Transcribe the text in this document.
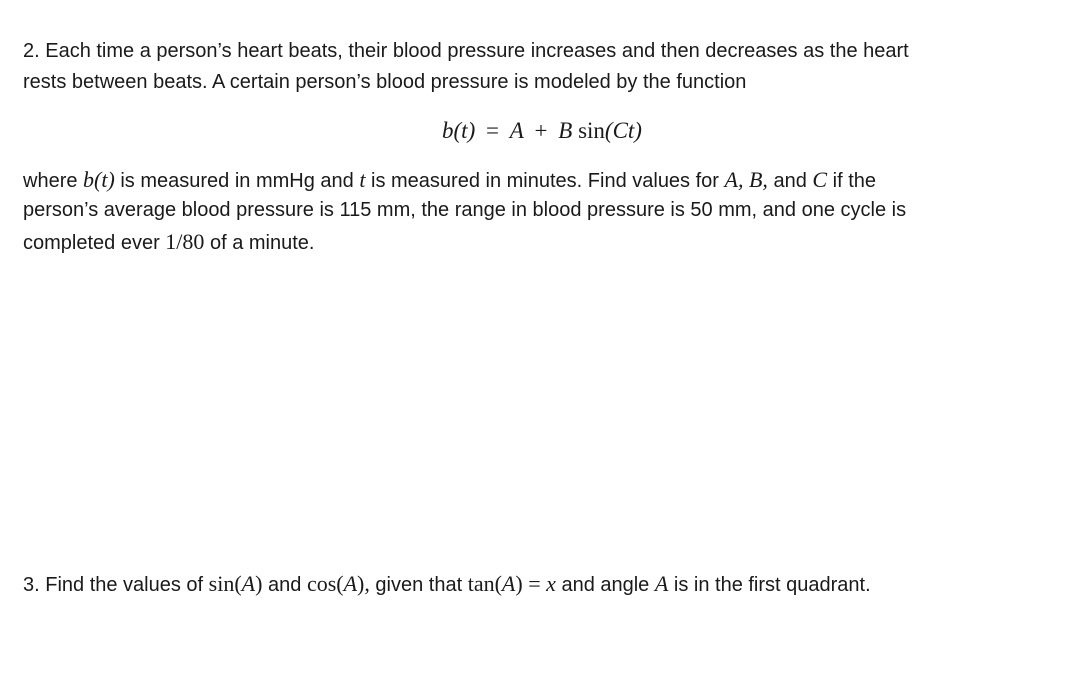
2. Each time a person’s heart beats, their blood pressure increases and then decreases as the heart
rests between beats. A certain person’s blood pressure is modeled by the function
b(t) = A + B sin(Ct)
where b(t) is measured in mmHg and t is measured in minutes. Find values for A, B, and C if the
person’s average blood pressure is 115 mm, the range in blood pressure is 50 mm, and one cycle is
completed ever 1/80 of a minute.
3. Find the values of sin(A) and cos(A), given that tan(A) = x and angle A is in the first quadrant.
